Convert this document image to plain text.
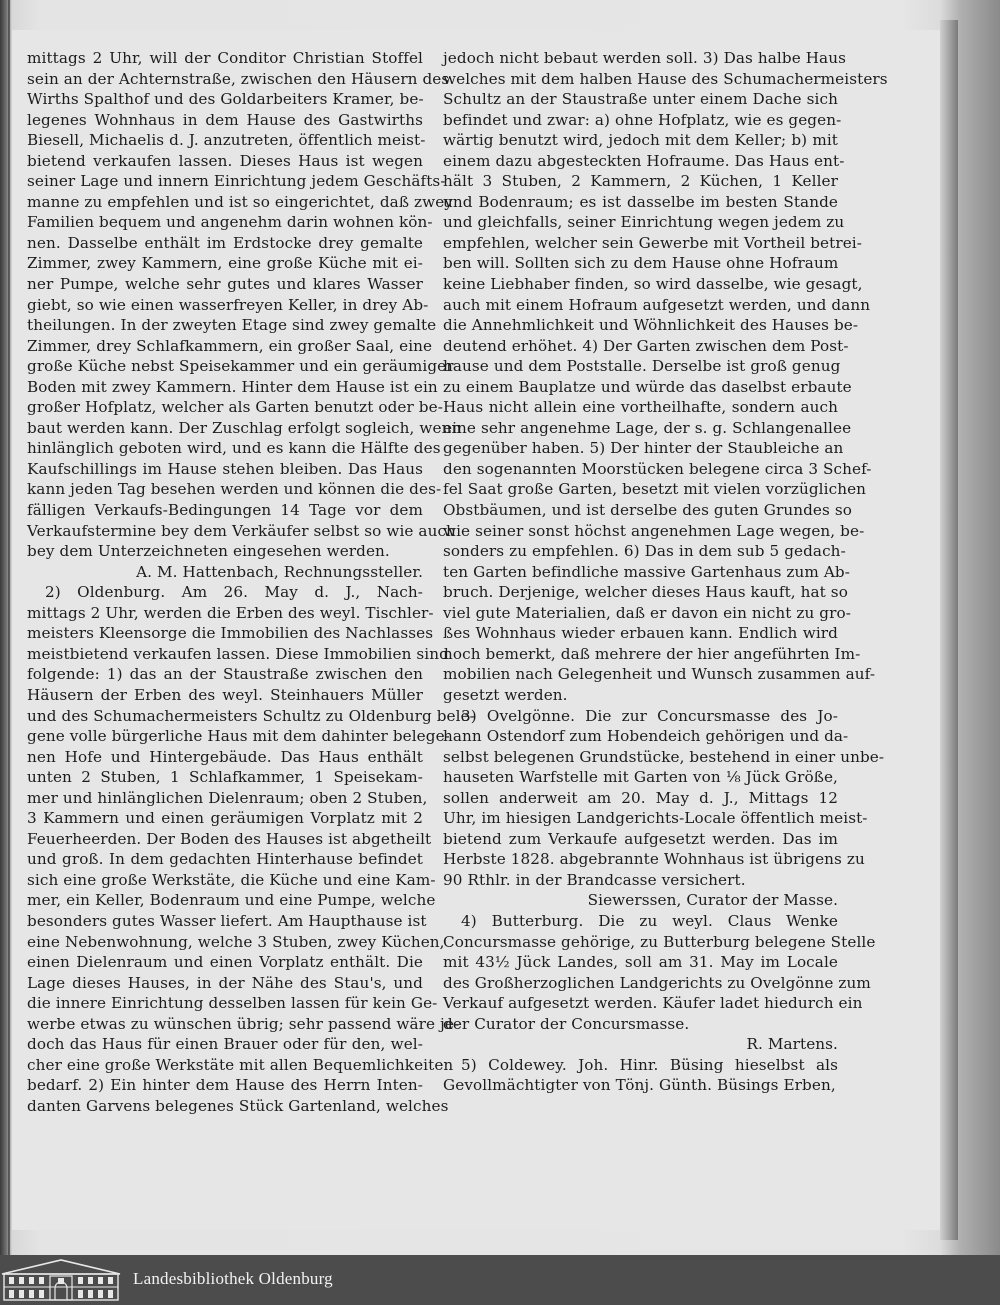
mittags 2 Uhr, will der Conditor Christian Stoffel
sein an der Achternstraße, zwischen den Häusern des
Wirths Spalthof und des Goldarbeiters Kramer, be-
legenes Wohnhaus in dem Hause des Gastwirths
Biesell, Michaelis d. J. anzutreten, öffentlich meist-
bietend verkaufen lassen. Dieses Haus ist wegen
seiner Lage und innern Einrichtung jedem Geschäfts-
manne zu empfehlen und ist so eingerichtet, daß zwey
Familien bequem und angenehm darin wohnen kön-
nen. Dasselbe enthält im Erdstocke drey gemalte
Zimmer, zwey Kammern, eine große Küche mit ei-
ner Pumpe, welche sehr gutes und klares Wasser
giebt, so wie einen wasserfreyen Keller, in drey Ab-
theilungen. In der zweyten Etage sind zwey gemalte
Zimmer, drey Schlafkammern, ein großer Saal, eine
große Küche nebst Speisekammer und ein geräumiger
Boden mit zwey Kammern. Hinter dem Hause ist ein
großer Hofplatz, welcher als Garten benutzt oder be-
baut werden kann. Der Zuschlag erfolgt sogleich, wenn
hinlänglich geboten wird, und es kann die Hälfte des
Kaufschillings im Hause stehen bleiben. Das Haus
kann jeden Tag besehen werden und können die des-
fälligen Verkaufs-Bedingungen 14 Tage vor dem
Verkaufstermine bey dem Verkäufer selbst so wie auch
bey dem Unterzeichneten eingesehen werden.
A. M. Hattenbach, Rechnungssteller.
2) Oldenburg. Am 26. May d. J., Nach-
mittags 2 Uhr, werden die Erben des weyl. Tischler-
meisters Kleensorge die Immobilien des Nachlasses
meistbietend verkaufen lassen. Diese Immobilien sind
folgende: 1) das an der Staustraße zwischen den
Häusern der Erben des weyl. Steinhauers Müller
und des Schumachermeisters Schultz zu Oldenburg bele-
gene volle bürgerliche Haus mit dem dahinter belege-
nen Hofe und Hintergebäude. Das Haus enthält
unten 2 Stuben, 1 Schlafkammer, 1 Speisekam-
mer und hinlänglichen Dielenraum; oben 2 Stuben,
3 Kammern und einen geräumigen Vorplatz mit 2
Feuerheerden. Der Boden des Hauses ist abgetheilt
und groß. In dem gedachten Hinterhause befindet
sich eine große Werkstäte, die Küche und eine Kam-
mer, ein Keller, Bodenraum und eine Pumpe, welche
besonders gutes Wasser liefert. Am Haupthause ist
eine Nebenwohnung, welche 3 Stuben, zwey Küchen,
einen Dielenraum und einen Vorplatz enthält. Die
Lage dieses Hauses, in der Nähe des Stau's, und
die innere Einrichtung desselben lassen für kein Ge-
werbe etwas zu wünschen übrig; sehr passend wäre je-
doch das Haus für einen Brauer oder für den, wel-
cher eine große Werkstäte mit allen Bequemlichkeiten
bedarf. 2) Ein hinter dem Hause des Herrn Inten-
danten Garvens belegenes Stück Gartenland, welches
jedoch nicht bebaut werden soll. 3) Das halbe Haus
welches mit dem halben Hause des Schumachermeisters
Schultz an der Staustraße unter einem Dache sich
befindet und zwar: a) ohne Hofplatz, wie es gegen-
wärtig benutzt wird, jedoch mit dem Keller; b) mit
einem dazu abgesteckten Hofraume. Das Haus ent-
hält 3 Stuben, 2 Kammern, 2 Küchen, 1 Keller
und Bodenraum; es ist dasselbe im besten Stande
und gleichfalls, seiner Einrichtung wegen jedem zu
empfehlen, welcher sein Gewerbe mit Vortheil betrei-
ben will. Sollten sich zu dem Hause ohne Hofraum
keine Liebhaber finden, so wird dasselbe, wie gesagt,
auch mit einem Hofraum aufgesetzt werden, und dann
die Annehmlichkeit und Wöhnlichkeit des Hauses be-
deutend erhöhet. 4) Der Garten zwischen dem Post-
hause und dem Poststalle. Derselbe ist groß genug
zu einem Bauplatze und würde das daselbst erbaute
Haus nicht allein eine vortheilhafte, sondern auch
eine sehr angenehme Lage, der s. g. Schlangenallee
gegenüber haben. 5) Der hinter der Staubleiche an
den sogenannten Moorstücken belegene circa 3 Schef-
fel Saat große Garten, besetzt mit vielen vorzüglichen
Obstbäumen, und ist derselbe des guten Grundes so
wie seiner sonst höchst angenehmen Lage wegen, be-
sonders zu empfehlen. 6) Das in dem sub 5 gedach-
ten Garten befindliche massive Gartenhaus zum Ab-
bruch. Derjenige, welcher dieses Haus kauft, hat so
viel gute Materialien, daß er davon ein nicht zu gro-
ßes Wohnhaus wieder erbauen kann. Endlich wird
noch bemerkt, daß mehrere der hier angeführten Im-
mobilien nach Gelegenheit und Wunsch zusammen auf-
gesetzt werden.
3) Ovelgönne. Die zur Concursmasse des Jo-
hann Ostendorf zum Hobendeich gehörigen und da-
selbst belegenen Grundstücke, bestehend in einer unbe-
hauseten Warfstelle mit Garten von ⅛ Jück Größe,
sollen anderweit am 20. May d. J., Mittags 12
Uhr, im hiesigen Landgerichts-Locale öffentlich meist-
bietend zum Verkaufe aufgesetzt werden. Das im
Herbste 1828. abgebrannte Wohnhaus ist übrigens zu
90 Rthlr. in der Brandcasse versichert.
Siewerssen, Curator der Masse.
4) Butterburg. Die zu weyl. Claus Wenke
Concursmasse gehörige, zu Butterburg belegene Stelle
mit 43½ Jück Landes, soll am 31. May im Locale
des Großherzoglichen Landgerichts zu Ovelgönne zum
Verkauf aufgesetzt werden. Käufer ladet hiedurch ein
der Curator der Concursmasse.
R. Martens.
5) Coldewey. Joh. Hinr. Büsing hieselbst als
Gevollmächtigter von Tönj. Günth. Büsings Erben,
Landesbibliothek Oldenburg
